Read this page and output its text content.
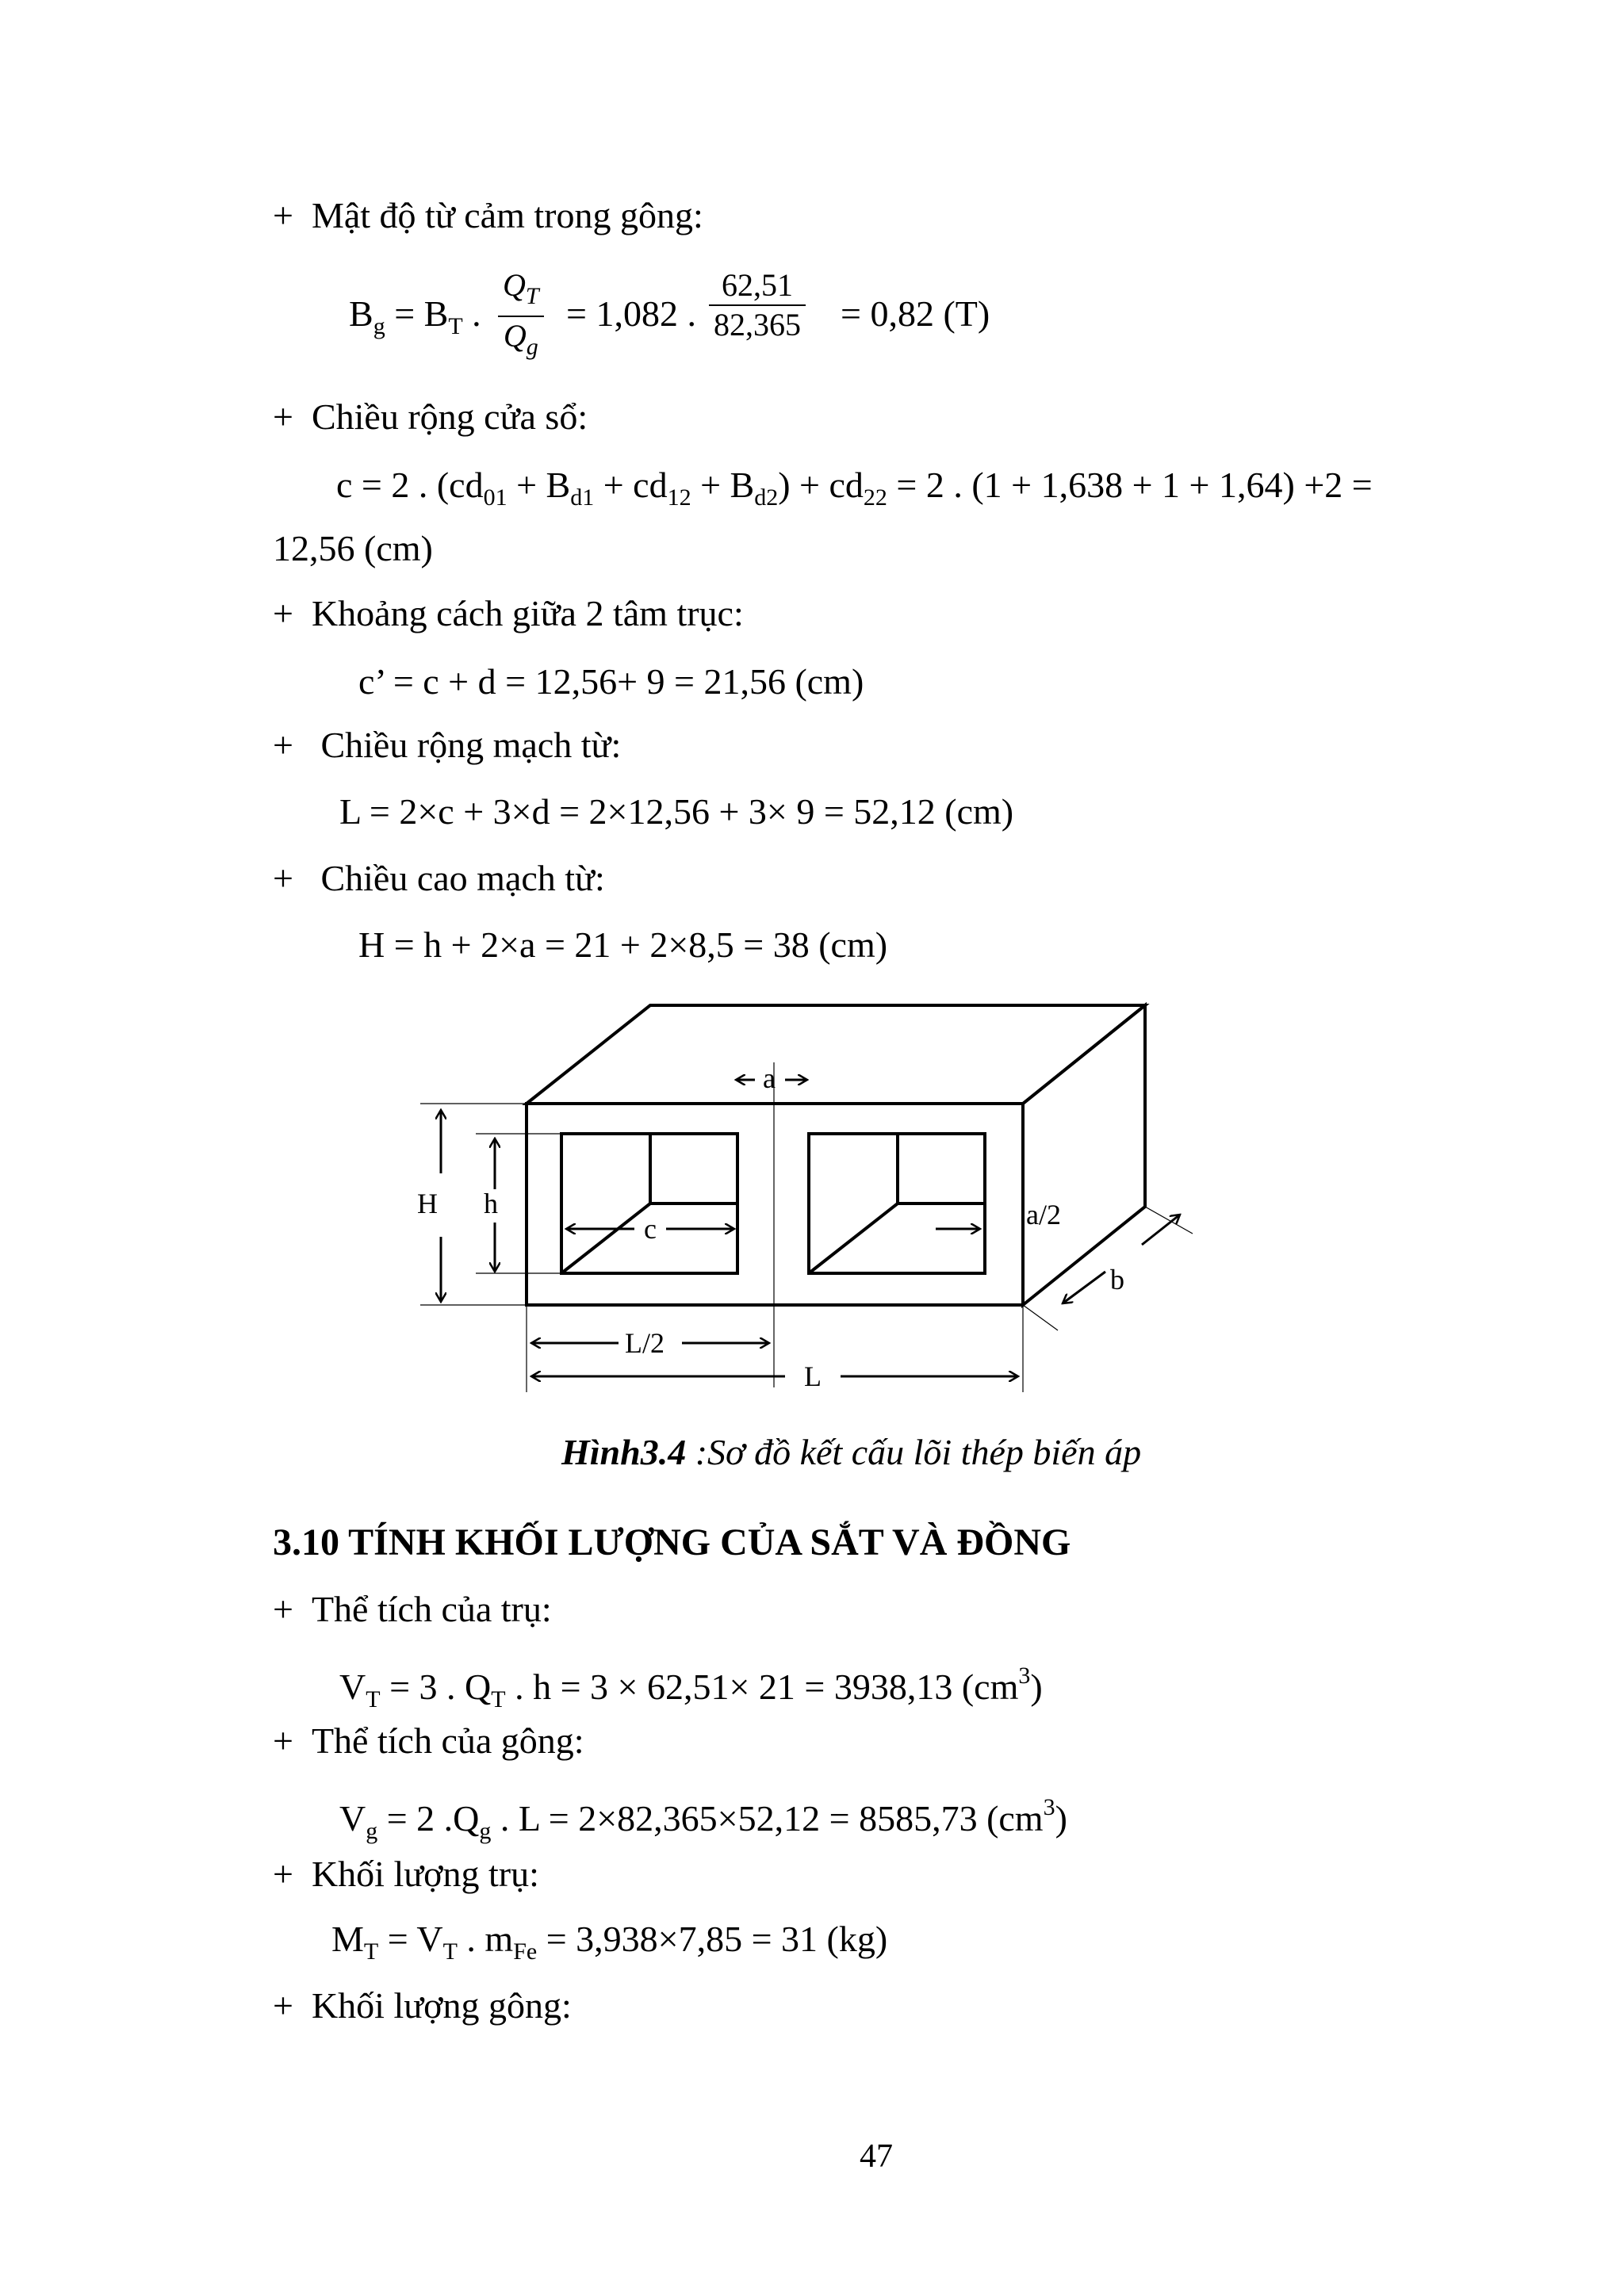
+ Mật độ từ cảm trong gông:
$B_g = B_T$ . $\frac{Q_T}{Q_g} = 1,082$ . $\frac{62,51}{82,365} = 0,82$ (T)
+ Chiều rộng cửa sổ:
c = 2 . $(cd_{01} + B_{d1} + cd_{12} + B_{d2}) + cd_{22} = 2$ . (1 + 1,638 + 1 + 1,64) +2 =
12,56 (cm)
+ Khoảng cách giữa 2 tâm trục:
c’ = c + d = 12,56+ 9 = 21,56 (cm)
+ Chiều rộng mạch từ:
L = 2×c + 3×d = 2×12,56 + 3× 9 = 52,12 (cm)
+ Chiều cao mạch từ:
H = h + 2×a = 21 + 2×8,5 = 38 (cm)
a
H h
c	a/2
b
L/2
L
Hình3.4 :Sơ đồ kết cấu lõi thép biến áp
3.10 TÍNH KHỐI LƯỢNG CỦA SẮT VÀ ĐỒNG
+ Thể tích của trụ:
$V_T = 3$ . $Q_T$ . h = 3 × 62,51× 21 = 3938,13 $(cm^3)$
+ Thể tích của gông:
$V_g = 2$ $.Q_g$ . L = 2×82,365×52,12 = 8585,73 $(cm^3)$
+ Khối lượng trụ:
$M_T = V_T$ . $m_{Fe} = 3,938\times 7,85 = 31$ (kg)
+ Khối lượng gông:
47
